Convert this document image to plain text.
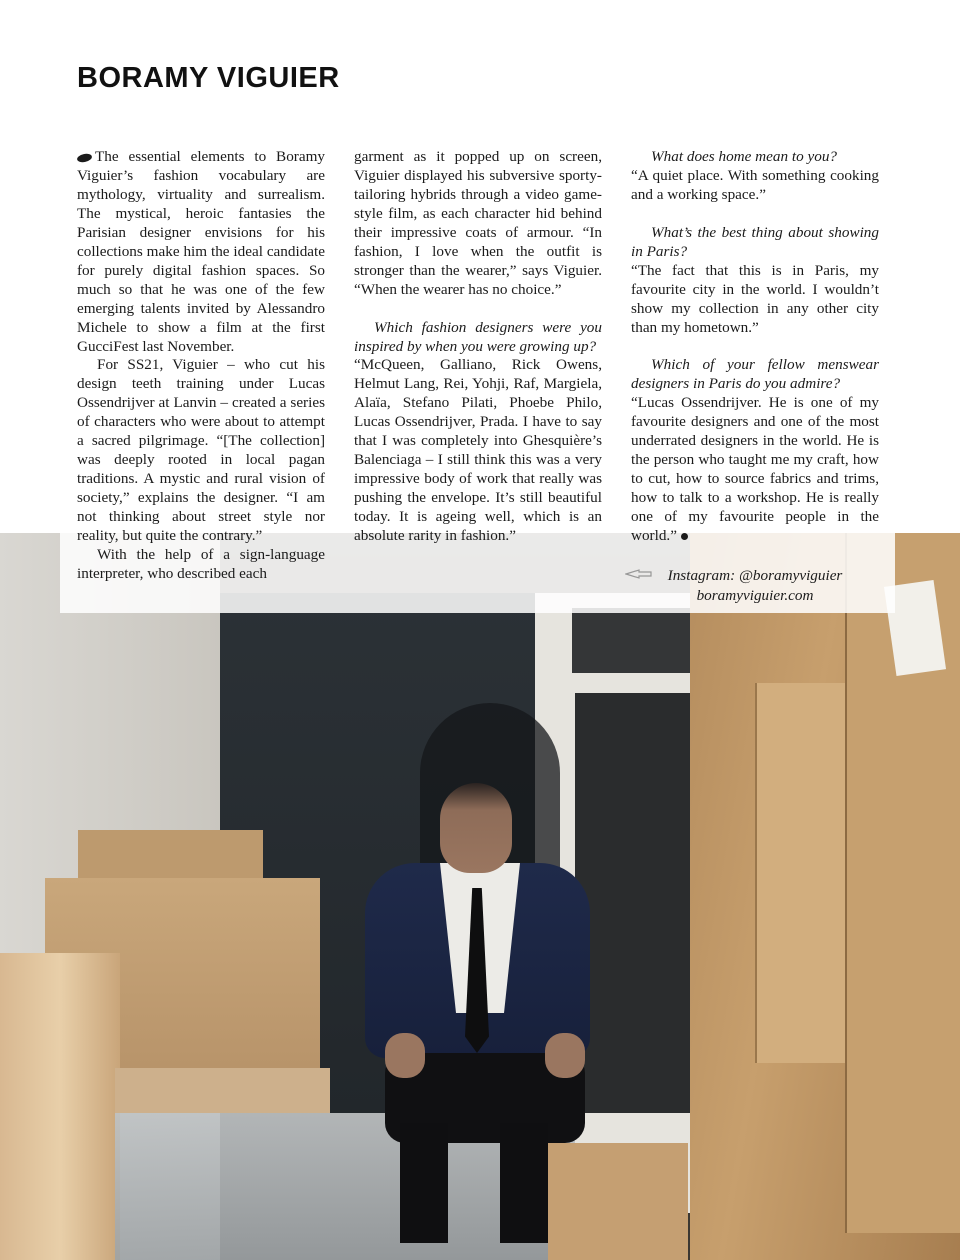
BORAMY VIGUIER

The essential elements to Boramy Viguier’s fashion vocabulary are mythology, virtuality and surrealism. The mystical, heroic fantasies the Parisian designer envisions for his collections make him the ideal candidate for purely digital fashion spaces. So much so that he was one of the few emerging talents invited by Alessandro Michele to show a film at the first GucciFest last November.

For SS21, Viguier – who cut his design teeth training under Lucas Ossendrijver at Lanvin – created a series of characters who were about to attempt a sacred pilgrimage. “[The collection] was deeply rooted in local pagan traditions. A mystic and rural vision of society,” explains the designer. “I am not thinking about street style nor reality, but quite the contrary.”

With the help of a sign-language interpreter, who described each

garment as it popped up on screen, Viguier displayed his subversive sporty-tailoring hybrids through a video game-style film, as each character hid behind their impressive coats of armour. “In fashion, I love when the outfit is stronger than the wearer,” says Viguier. “When the wearer has no choice.”

Which fashion designers were you inspired by when you were growing up?

“McQueen, Galliano, Rick Owens, Helmut Lang, Rei, Yohji, Raf, Margiela, Alaïa, Stefano Pilati, Phoebe Philo, Lucas Ossendrijver, Prada. I have to say that I was completely into Ghesquière’s Balenciaga – I still think this was a very impressive body of work that really was pushing the envelope. It’s still beautiful today. It is ageing well, which is an absolute rarity in fashion.”

What does home mean to you?

“A quiet place. With something cooking and a working space.”

What’s the best thing about showing in Paris?

“The fact that this is in Paris, my favourite city in the world. I wouldn’t show my collection in any other city than my hometown.”

Which of your fellow menswear designers in Paris do you admire?

“Lucas Ossendrijver. He is one of my favourite designers and one of the most underrated designers in the world. He is the person who taught me my craft, how to cut, how to source fabrics and trims, how to talk to a workshop. He is really one of my favourite people in the world.”

Instagram: @boramyviguier
boramyviguier.com
